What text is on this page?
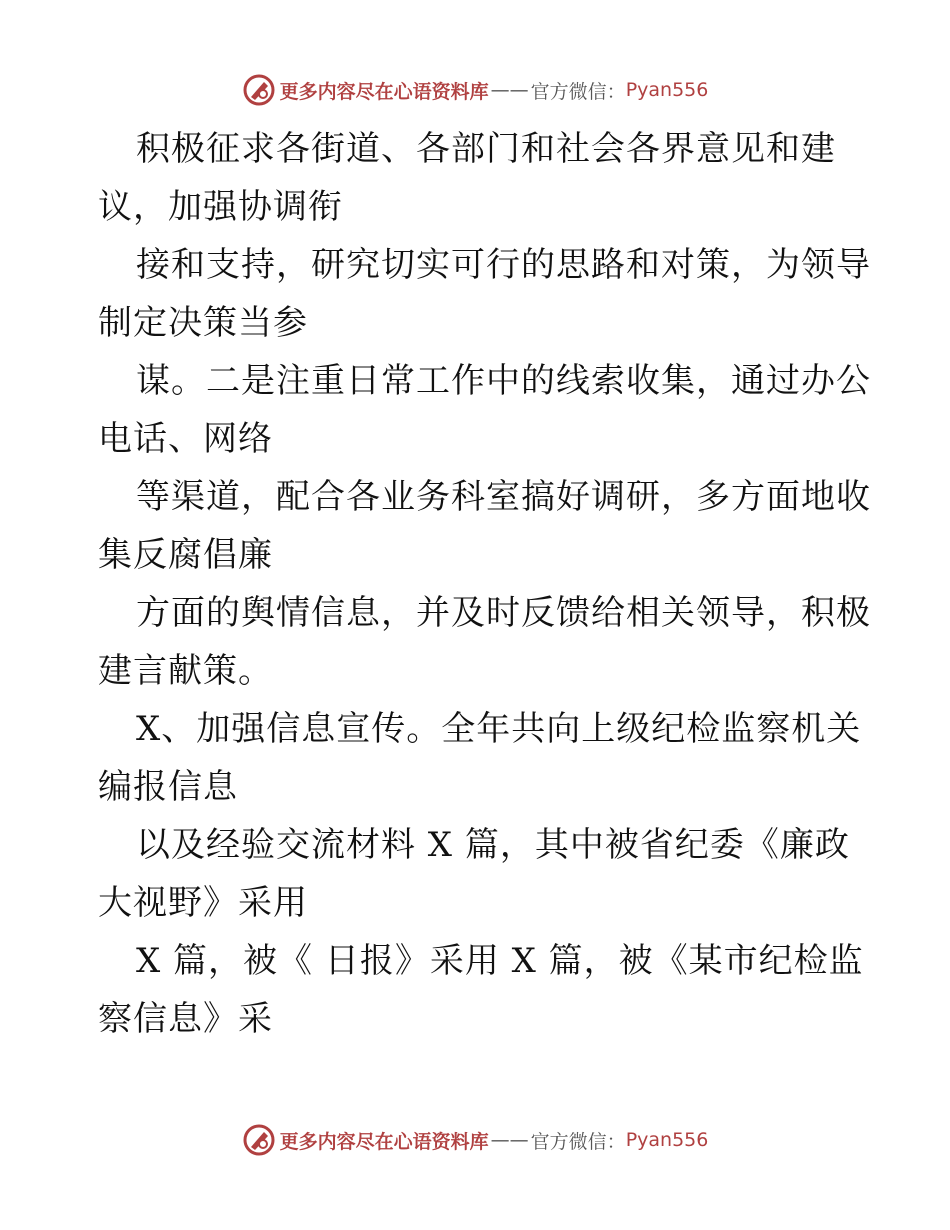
更多内容尽在心语资料库 —— 官方微信： Pyan556
积极征求各街道、各部门和社会各界意见和建
议，加强协调衔
接和支持，研究切实可行的思路和对策，为领导
制定决策当参
谋。二是注重日常工作中的线索收集，通过办公
电话、网络
等渠道，配合各业务科室搞好调研，多方面地收
集反腐倡廉
方面的舆情信息，并及时反馈给相关领导，积极
建言献策。
X、加强信息宣传。全年共向上级纪检监察机关
编报信息
以及经验交流材料 X 篇，其中被省纪委《廉政
大视野》采用
X 篇，被《 日报》采用 X 篇，被《某市纪检监
察信息》采
更多内容尽在心语资料库 —— 官方微信： Pyan556
